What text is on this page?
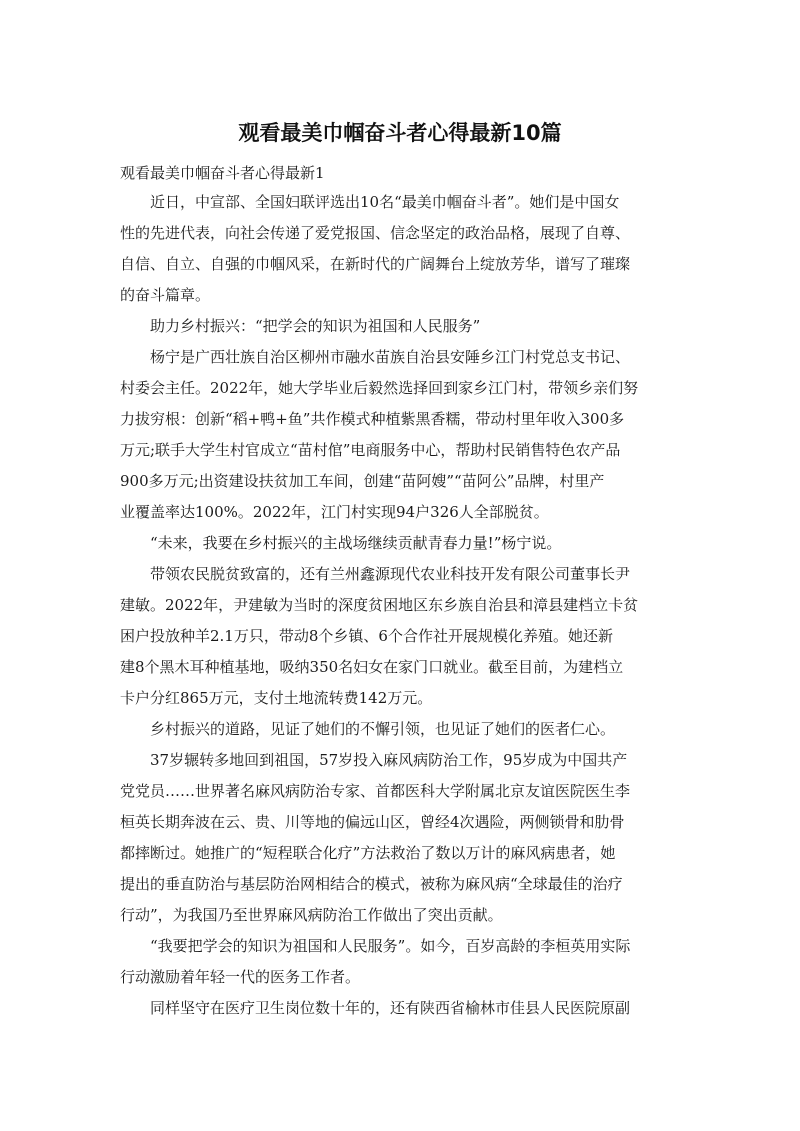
观看最美巾帼奋斗者心得最新10篇
观看最美巾帼奋斗者心得最新1

近日，中宣部、全国妇联评选出10名“最美巾帼奋斗者”。她们是中国女
性的先进代表，向社会传递了爱党报国、信念坚定的政治品格，展现了自尊、
自信、自立、自强的巾帼风采，在新时代的广阔舞台上绽放芳华，谱写了璀璨
的奋斗篇章。

助力乡村振兴：“把学会的知识为祖国和人民服务”

杨宁是广西壮族自治区柳州市融水苗族自治县安陲乡江门村党总支书记、
村委会主任。2022年，她大学毕业后毅然选择回到家乡江门村，带领乡亲们努
力拔穷根：创新“稻+鸭+鱼”共作模式种植紫黑香糯，带动村里年收入300多
万元;联手大学生村官成立“苗村倌”电商服务中心，帮助村民销售特色农产品
900多万元;出资建设扶贫加工车间，创建“苗阿嫂”“苗阿公”品牌，村里产
业覆盖率达100%。2022年，江门村实现94户326人全部脱贫。

“未来，我要在乡村振兴的主战场继续贡献青春力量!”杨宁说。

带领农民脱贫致富的，还有兰州鑫源现代农业科技开发有限公司董事长尹
建敏。2022年，尹建敏为当时的深度贫困地区东乡族自治县和漳县建档立卡贫
困户投放种羊2.1万只，带动8个乡镇、6个合作社开展规模化养殖。她还新
建8个黑木耳种植基地，吸纳350名妇女在家门口就业。截至目前，为建档立
卡户分红865万元，支付土地流转费142万元。

乡村振兴的道路，见证了她们的不懈引领，也见证了她们的医者仁心。

37岁辗转多地回到祖国，57岁投入麻风病防治工作，95岁成为中国共产
党党员……世界著名麻风病防治专家、首都医科大学附属北京友谊医院医生李
桓英长期奔波在云、贵、川等地的偏远山区，曾经4次遇险，两侧锁骨和肋骨
都摔断过。她推广的“短程联合化疗”方法救治了数以万计的麻风病患者，她
提出的垂直防治与基层防治网相结合的模式，被称为麻风病“全球最佳的治疗
行动”，为我国乃至世界麻风病防治工作做出了突出贡献。

“我要把学会的知识为祖国和人民服务”。如今，百岁高龄的李桓英用实际
行动激励着年轻一代的医务工作者。

同样坚守在医疗卫生岗位数十年的，还有陕西省榆林市佳县人民医院原副
